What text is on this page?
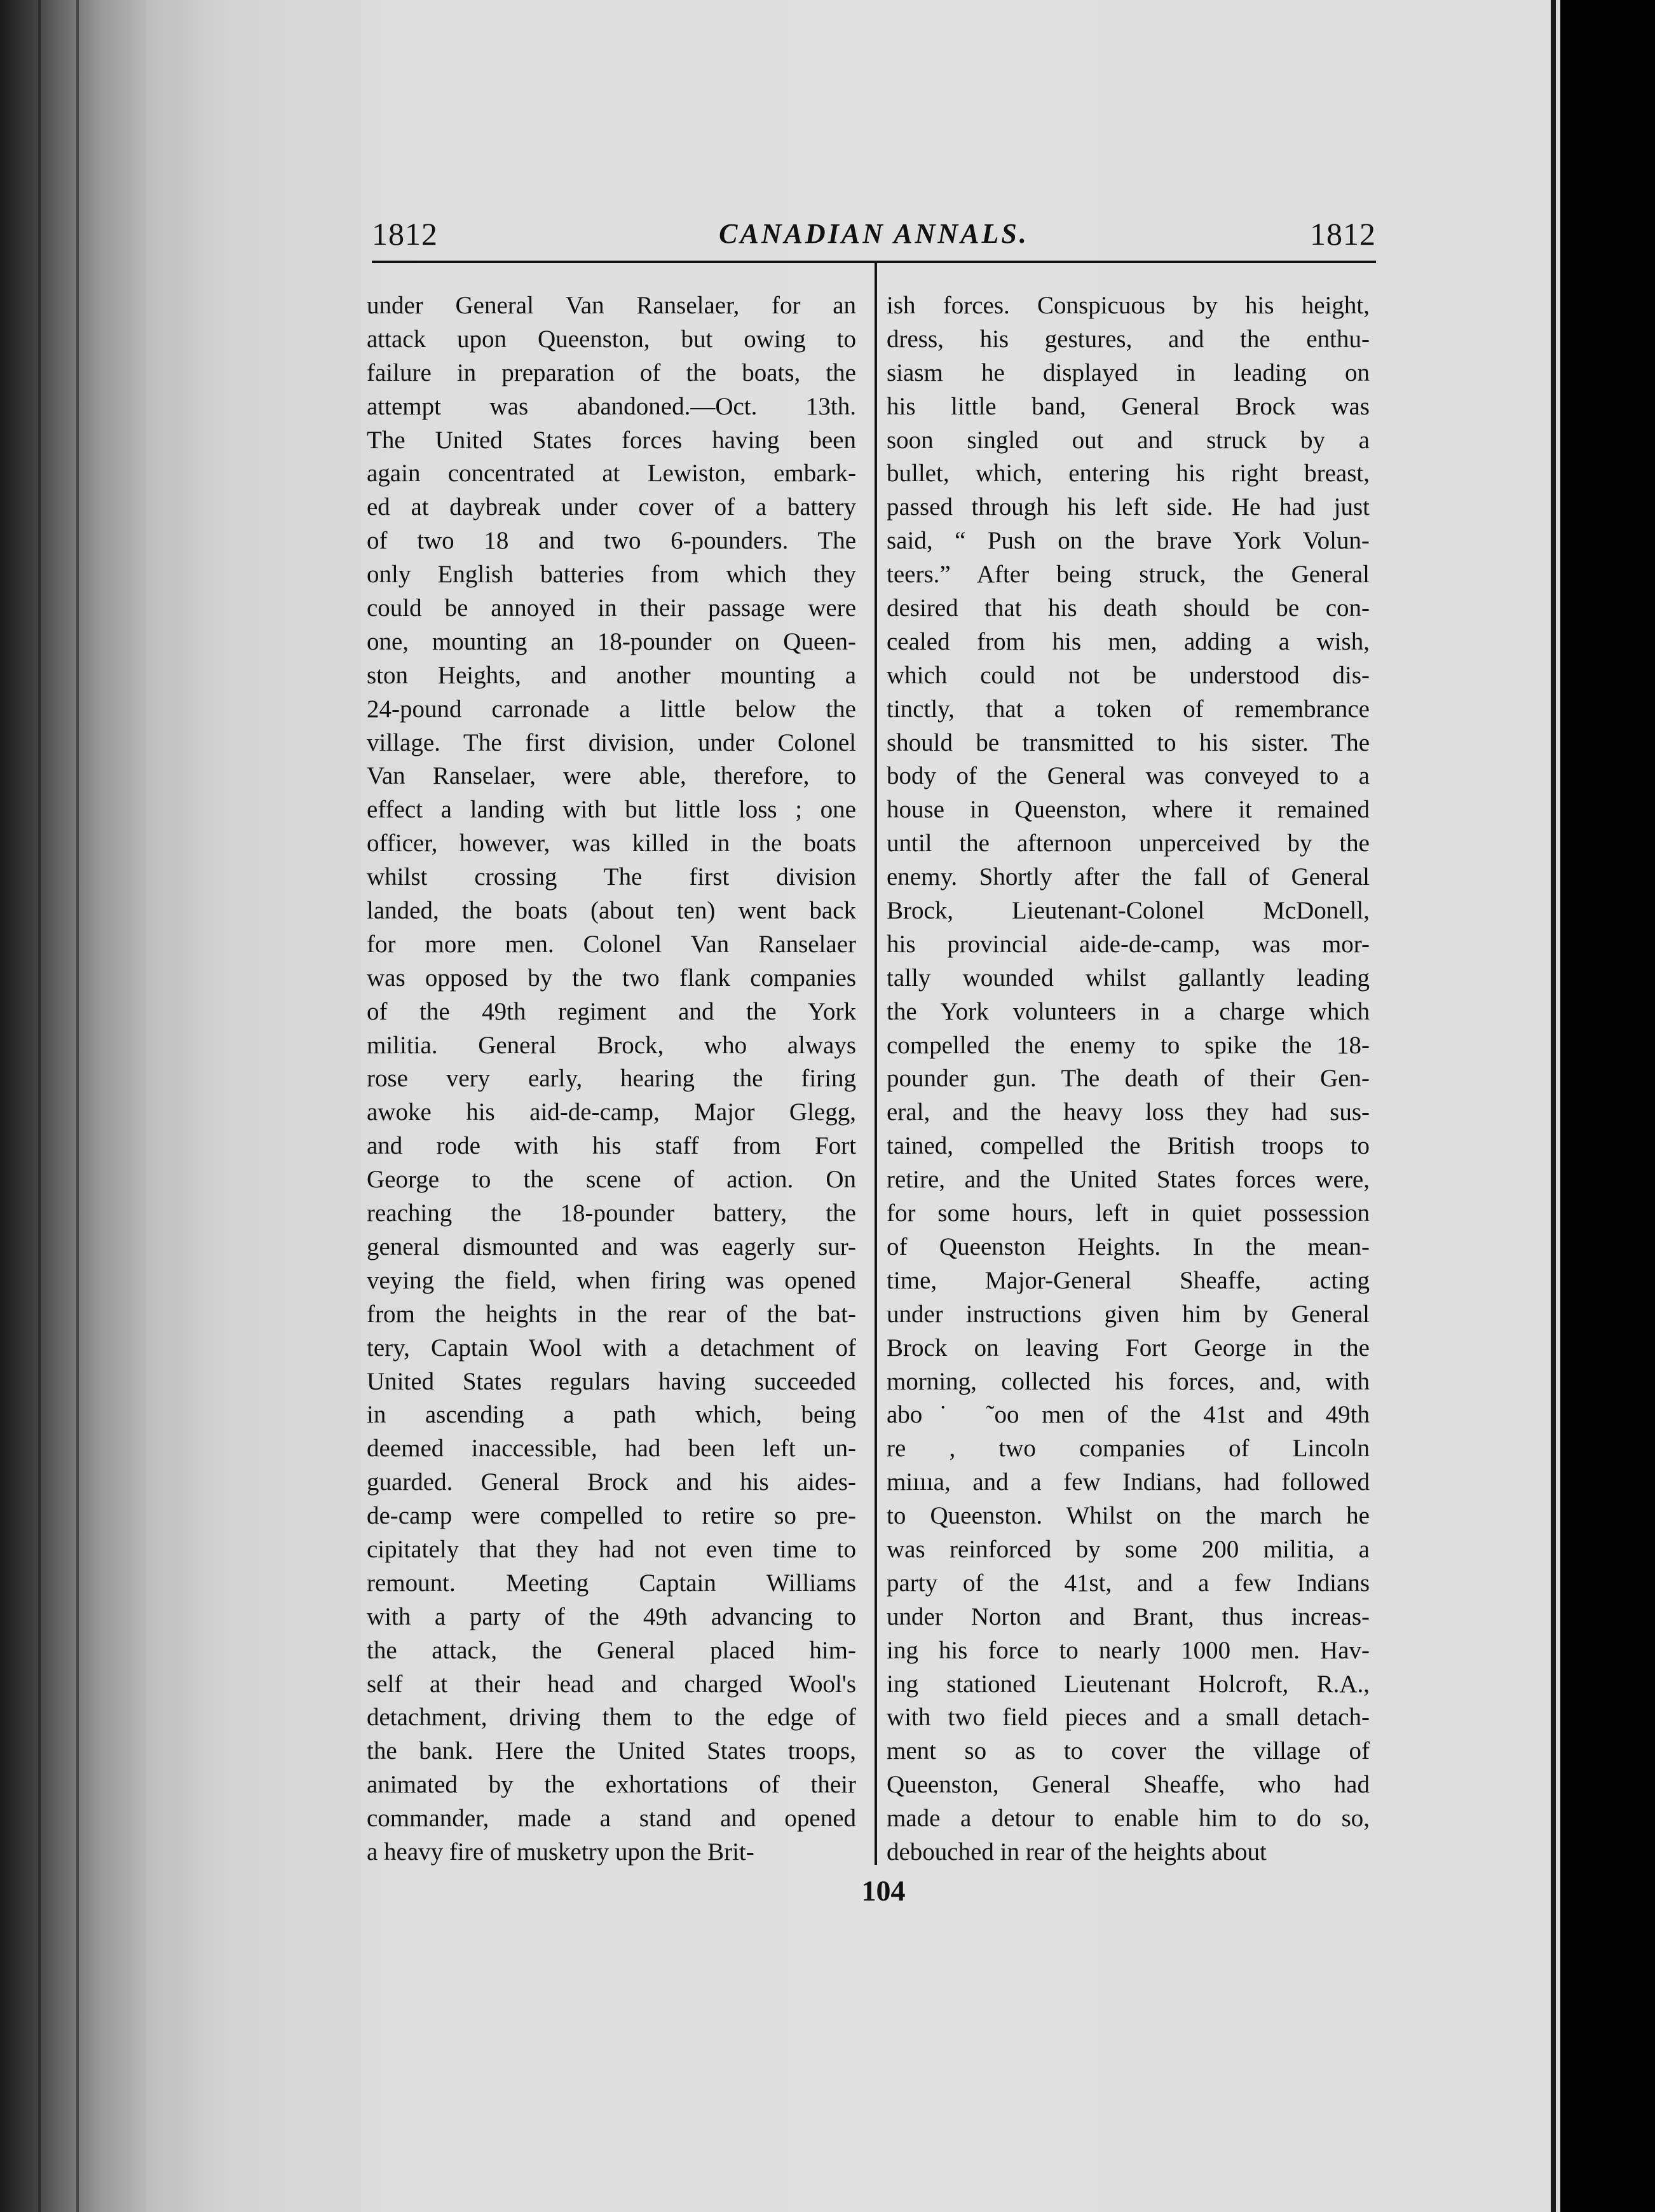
1812	CANADIAN ANNALS.	1812
under General Van Ranselaer, for an
attack upon Queenston, but owing to
failure in preparation of the boats, the
attempt was abandoned.—Oct. 13th.
The United States forces having been
again concentrated at Lewiston, embark-
ed at daybreak under cover of a battery
of two 18 and two 6-pounders. The
only English batteries from which they
could be annoyed in their passage were
one, mounting an 18-pounder on Queen-
ston Heights, and another mounting a
24-pound carronade a little below the
village. The first division, under Colonel
Van Ranselaer, were able, therefore, to
effect a landing with but little loss ; one
officer, however, was killed in the boats
whilst crossing The first division
landed, the boats (about ten) went back
for more men. Colonel Van Ranselaer
was opposed by the two flank companies
of the 49th regiment and the York
militia. General Brock, who always
rose very early, hearing the firing
awoke his aid-de-camp, Major Glegg,
and rode with his staff from Fort
George to the scene of action. On
reaching the 18-pounder battery, the
general dismounted and was eagerly sur-
veying the field, when firing was opened
from the heights in the rear of the bat-
tery, Captain Wool with a detachment of
United States regulars having succeeded
in ascending a path which, being
deemed inaccessible, had been left un-
guarded. General Brock and his aides-
de-camp were compelled to retire so pre-
cipitately that they had not even time to
remount. Meeting Captain Williams
with a party of the 49th advancing to
the attack, the General placed him-
self at their head and charged Wool's
detachment, driving them to the edge of
the bank. Here the United States troops,
animated by the exhortations of their
commander, made a stand and opened
a heavy fire of musketry upon the Brit-
ish forces. Conspicuous by his height,
dress, his gestures, and the enthu-
siasm he displayed in leading on
his little band, General Brock was
soon singled out and struck by a
bullet, which, entering his right breast,
passed through his left side. He had just
said, “ Push on the brave York Volun-
teers.” After being struck, the General
desired that his death should be con-
cealed from his men, adding a wish,
which could not be understood dis-
tinctly, that a token of remembrance
should be transmitted to his sister. The
body of the General was conveyed to a
house in Queenston, where it remained
until the afternoon unperceived by the
enemy. Shortly after the fall of General
Brock, Lieutenant-Colonel McDonell,
his provincial aide-de-camp, was mor-
tally wounded whilst gallantly leading
the York volunteers in a charge which
compelled the enemy to spike the 18-
pounder gun. The death of their Gen-
eral, and the heavy loss they had sus-
tained, compelled the British troops to
retire, and the United States forces were,
for some hours, left in quiet possession
of Queenston Heights. In the mean-
time, Major-General Sheaffe, acting
under instructions given him by General
Brock on leaving Fort George in the
morning, collected his forces, and, with
abo˙ ˜oo men of the 41st and 49th
re , two companies of Lincoln
miıııa, and a few Indians, had followed
to Queenston. Whilst on the march he
was reinforced by some 200 militia, a
party of the 41st, and a few Indians
under Norton and Brant, thus increas-
ing his force to nearly 1000 men. Hav-
ing stationed Lieutenant Holcroft, R.A.,
with two field pieces and a small detach-
ment so as to cover the village of
Queenston, General Sheaffe, who had
made a detour to enable him to do so,
debouched in rear of the heights about
104
